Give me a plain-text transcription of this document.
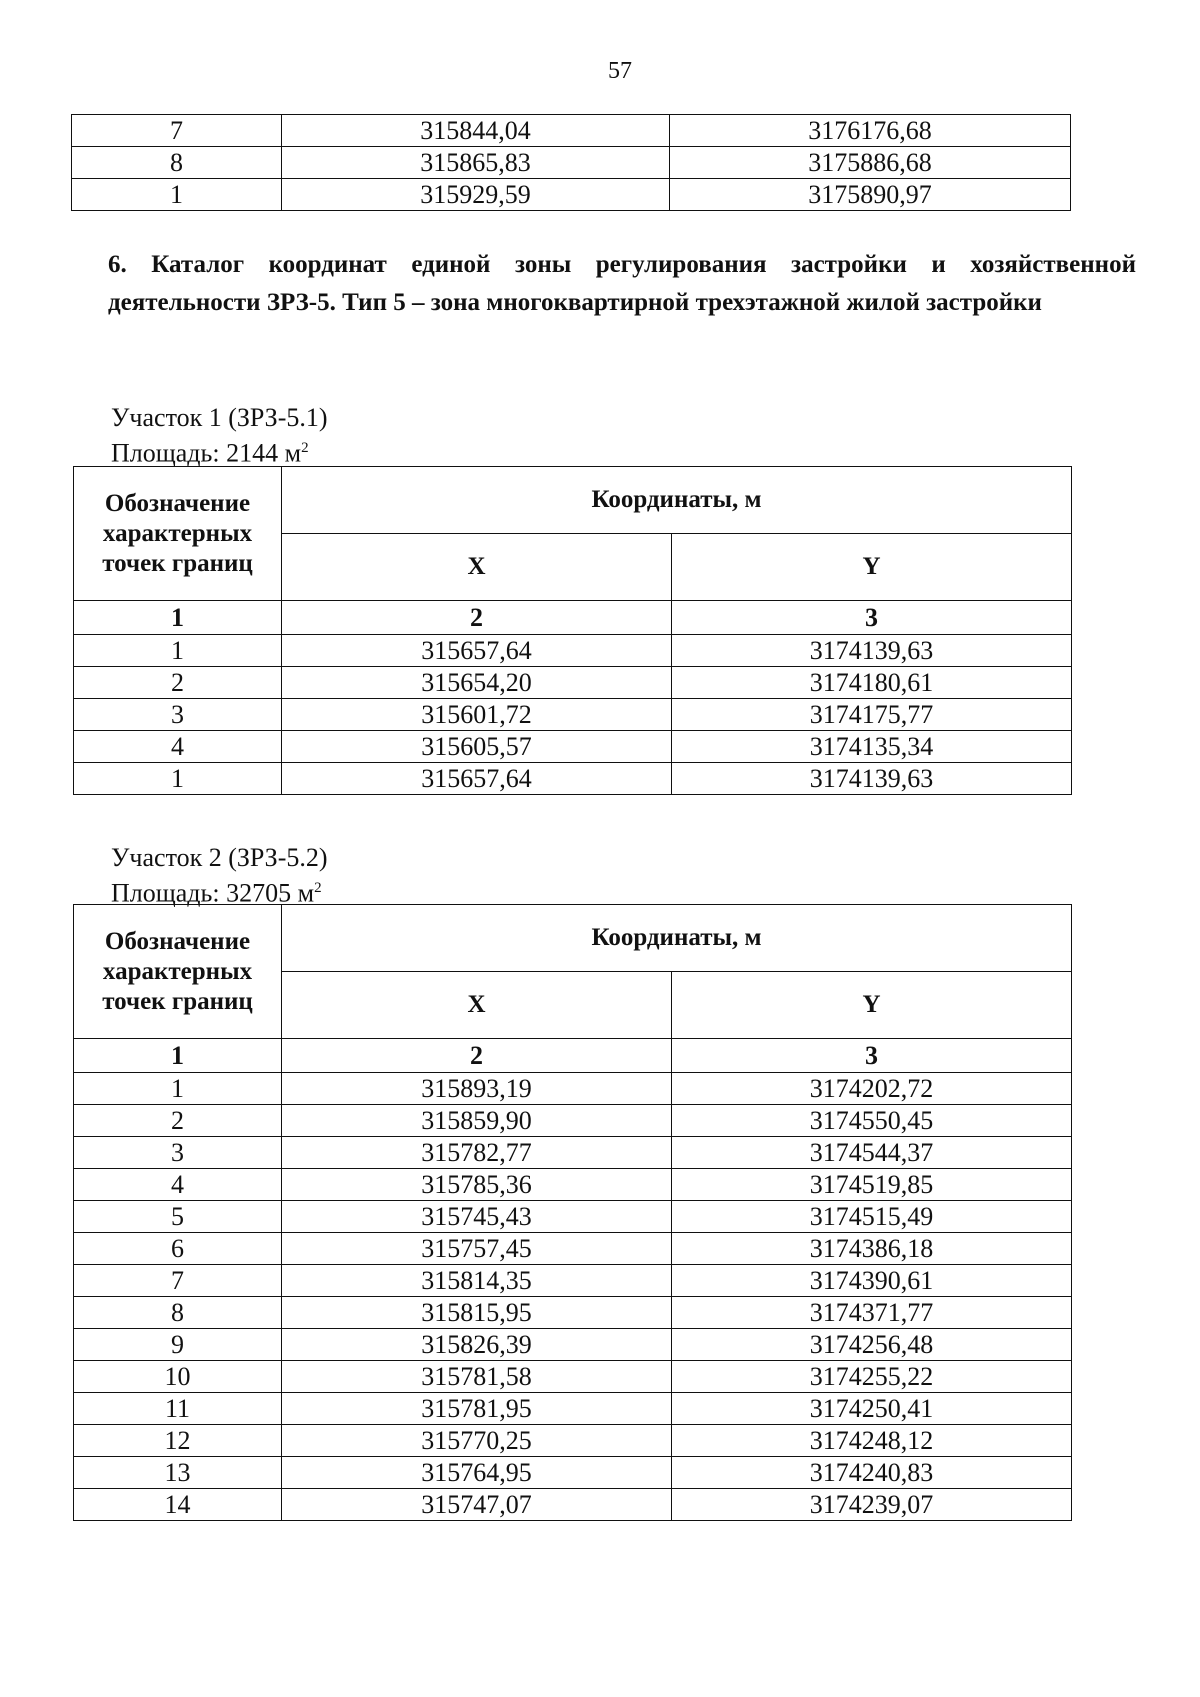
57
7	315844,04	3176176,68
8	315865,83	3175886,68
1	315929,59	3175890,97
6. Каталог координат единой зоны регулирования застройки и хозяйственной деятельности ЗРЗ-5. Тип 5 – зона многоквартирной трехэтажной жилой застройки
Участок 1 (ЗРЗ-5.1)
Площадь: 2144 $м^2$
Обозначение характерных точек границ	Координаты, м	
	X	Y
1	2	3
1	315657,64	3174139,63
2	315654,20	3174180,61
3	315601,72	3174175,77
4	315605,57	3174135,34
1	315657,64	3174139,63
Участок 2 (ЗРЗ-5.2)
Площадь: 32705 $м^2$
Обозначение характерных точек границ	Координаты, м	
	X	Y
1	2	3
1	315893,19	3174202,72
2	315859,90	3174550,45
3	315782,77	3174544,37
4	315785,36	3174519,85
5	315745,43	3174515,49
6	315757,45	3174386,18
7	315814,35	3174390,61
8	315815,95	3174371,77
9	315826,39	3174256,48
10	315781,58	3174255,22
11	315781,95	3174250,41
12	315770,25	3174248,12
13	315764,95	3174240,83
14	315747,07	3174239,07
